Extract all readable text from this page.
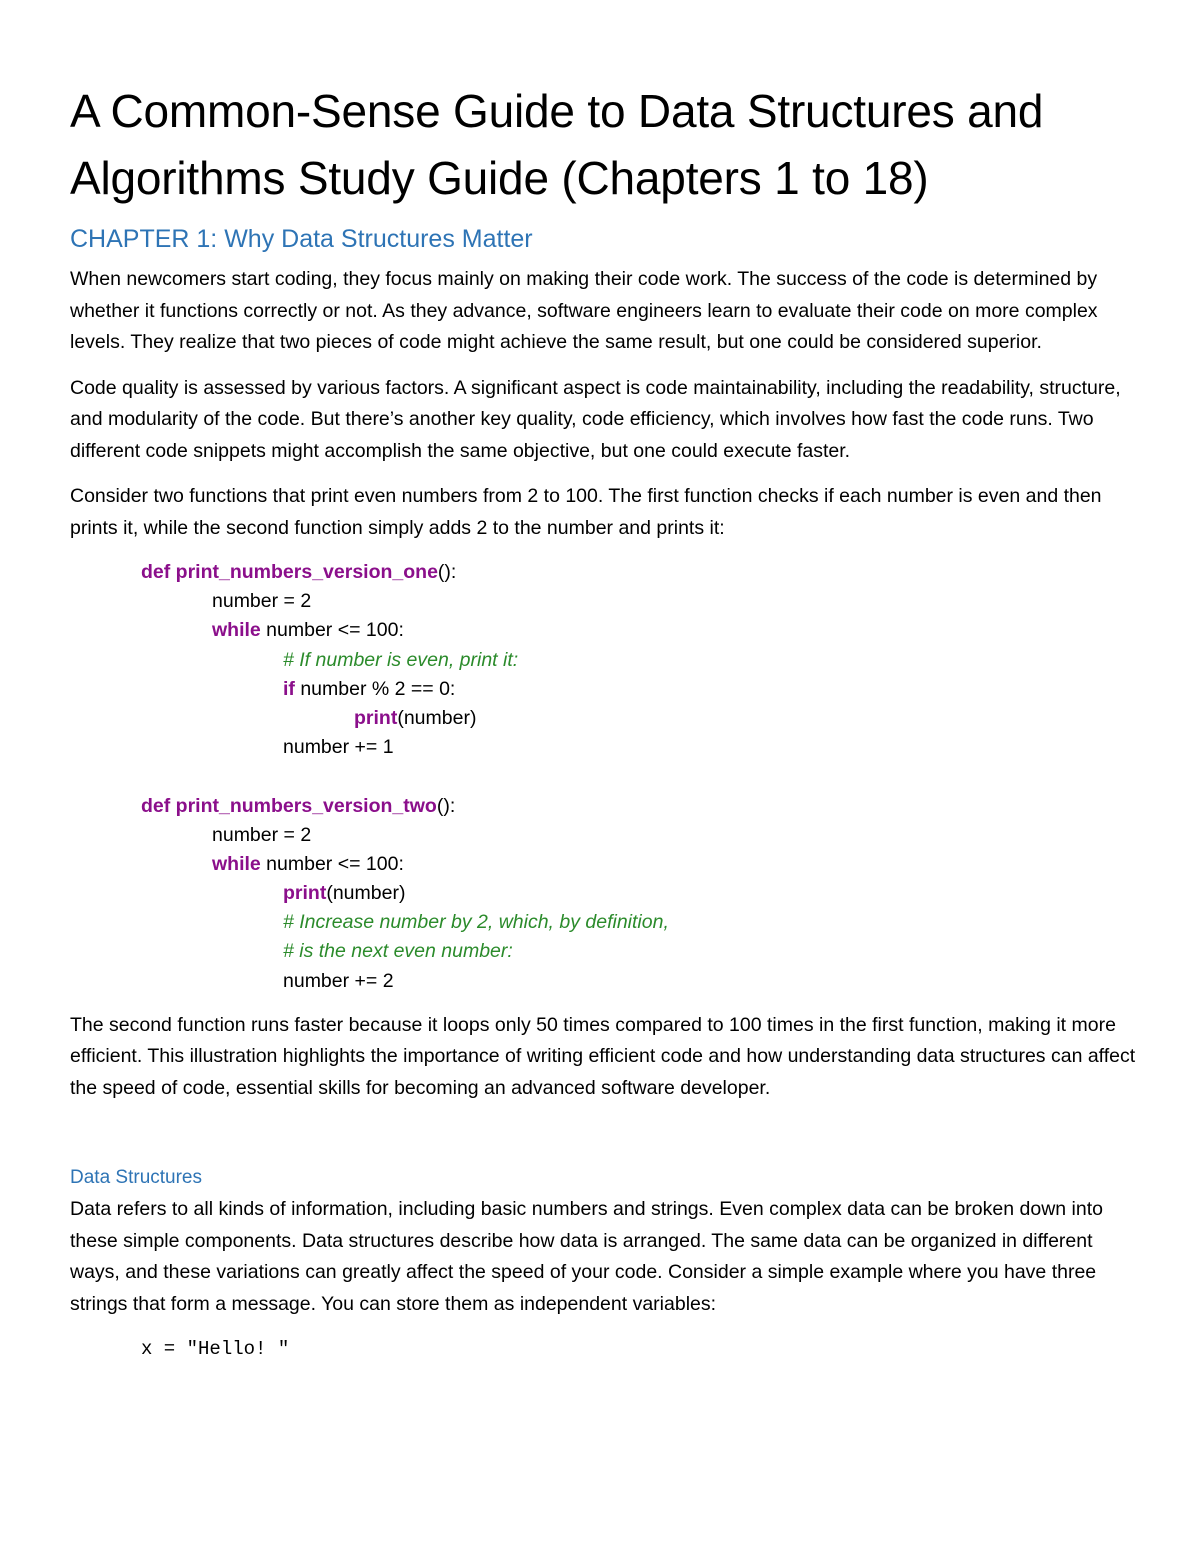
A Common-Sense Guide to Data Structures and Algorithms Study Guide (Chapters 1 to 18)
CHAPTER 1: Why Data Structures Matter

When newcomers start coding, they focus mainly on making their code work. The success of the code is determined by whether it functions correctly or not. As they advance, software engineers learn to evaluate their code on more complex levels. They realize that two pieces of code might achieve the same result, but one could be considered superior.

Code quality is assessed by various factors. A significant aspect is code maintainability, including the readability, structure, and modularity of the code. But there’s another key quality, code efficiency, which involves how fast the code runs. Two different code snippets might accomplish the same objective, but one could execute faster.

Consider two functions that print even numbers from 2 to 100. The first function checks if each number is even and then prints it, while the second function simply adds 2 to the number and prints it:

def print_numbers_version_one():
number = 2
while number <= 100:
# If number is even, print it:
if number % 2 == 0:
print(number)
number += 1
def print_numbers_version_two():
number = 2
while number <= 100:
print(number)
# Increase number by 2, which, by definition,
# is the next even number:
number += 2

The second function runs faster because it loops only 50 times compared to 100 times in the first function, making it more efficient. This illustration highlights the importance of writing efficient code and how understanding data structures can affect the speed of code, essential skills for becoming an advanced software developer.

Data Structures

Data refers to all kinds of information, including basic numbers and strings. Even complex data can be broken down into these simple components. Data structures describe how data is arranged. The same data can be organized in different ways, and these variations can greatly affect the speed of your code. Consider a simple example where you have three strings that form a message. You can store them as independent variables:

x = "Hello! "
